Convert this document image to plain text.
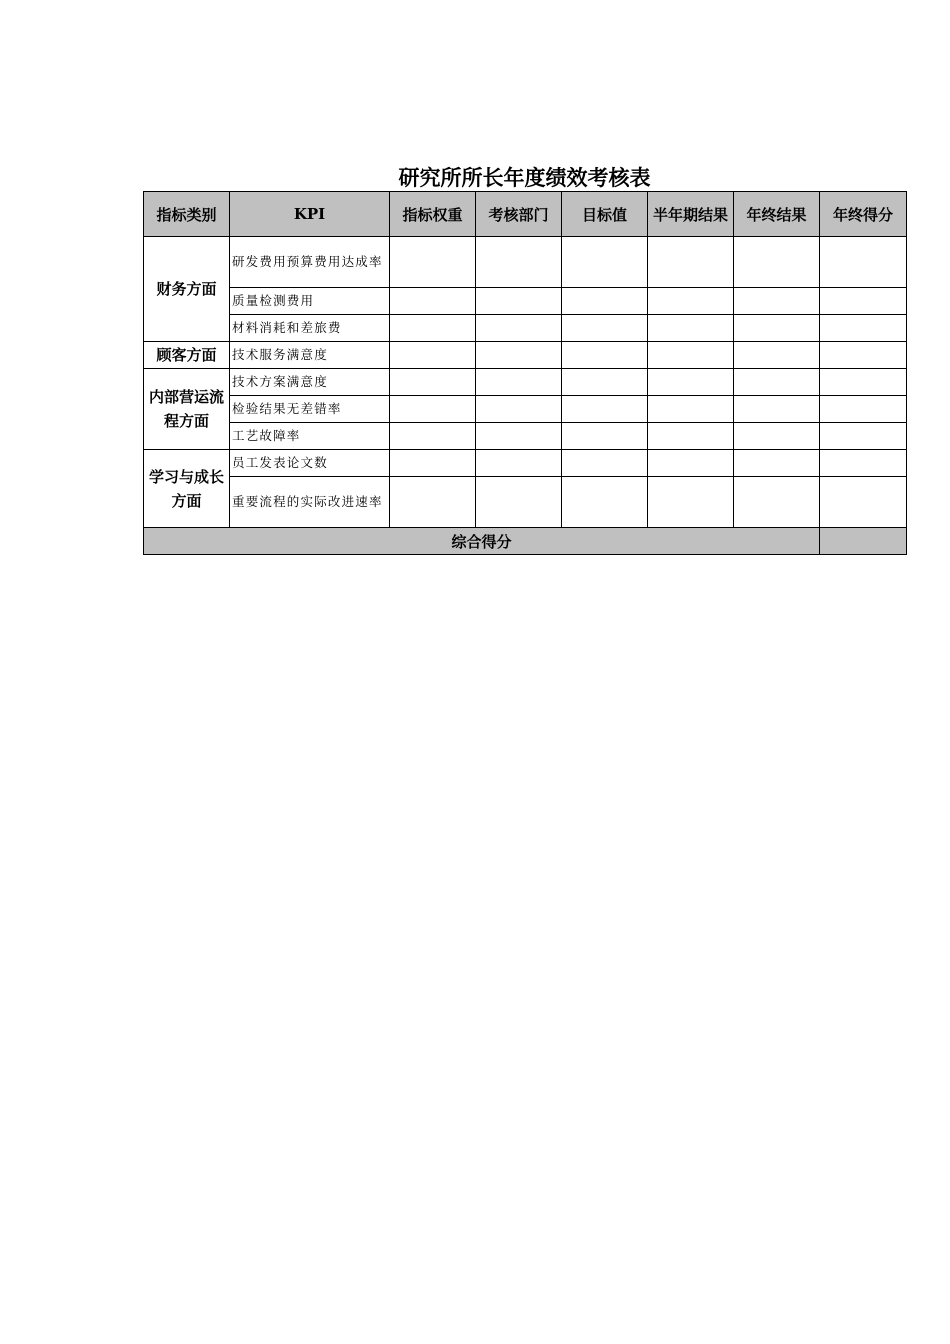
研究所所长年度绩效考核表
指标类别	KPI	指标权重	考核部门	目标值	半年期结果	年终结果	年终得分
财务方面	研发费用预算费用达成率						
	质量检测费用						
	材料消耗和差旅费						
顾客方面	技术服务满意度						
内部营运流程方面	技术方案满意度						
	检验结果无差错率						
	工艺故障率						
学习与成长方面	员工发表论文数						
	重要流程的实际改进速率						
综合得分							
